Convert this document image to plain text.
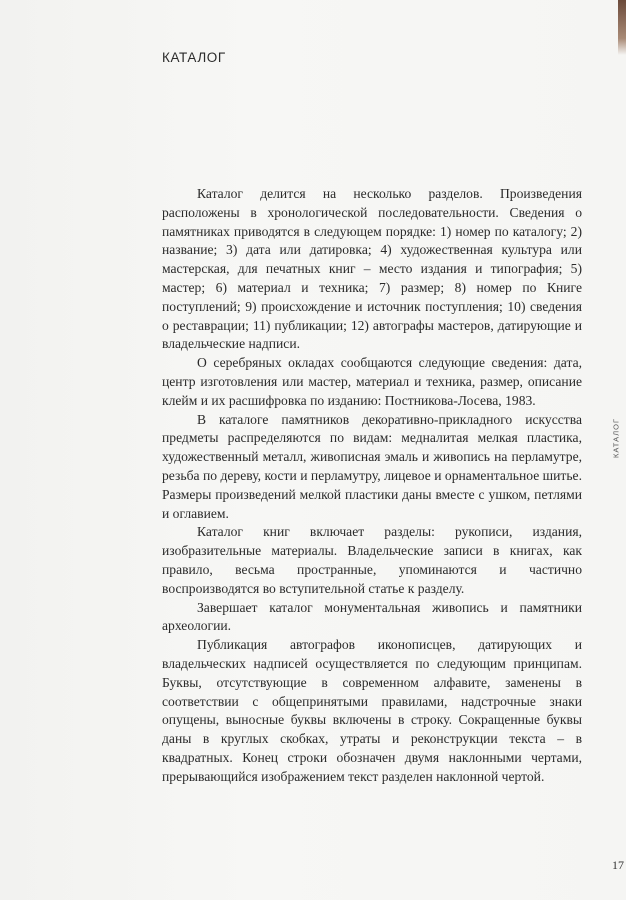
КАТАЛОГ

Каталог делится на несколько разделов. Произведения расположены в хронологической последовательности. Сведения о памятниках приводятся в следующем порядке: 1) номер по каталогу; 2) название; 3) дата или датировка; 4) художественная культура или мастерская, для печатных книг – место издания и типография; 5) мастер; 6) материал и техника; 7) размер; 8) номер по Книге поступлений; 9) происхождение и источник поступления; 10) сведения о реставрации; 11) публикации; 12) автографы мастеров, датирующие и владельческие надписи.

О серебряных окладах сообщаются следующие сведения: дата, центр изготовления или мастер, материал и техника, размер, описание клейм и их расшифровка по изданию: Постникова-Лосева, 1983.

В каталоге памятников декоративно-прикладного искусства предметы распределяются по видам: медналитая мелкая пластика, художественный металл, живописная эмаль и живопись на перламутре, резьба по дереву, кости и перламутру, лицевое и орнаментальное шитье. Размеры произведений мелкой пластики даны вместе с ушком, петлями и оглавием.

Каталог книг включает разделы: рукописи, издания, изобразительные материалы. Владельческие записи в книгах, как правило, весьма пространные, упоминаются и частично воспроизводятся во вступительной статье к разделу.

Завершает каталог монументальная живопись и памятники археологии.

Публикация автографов иконописцев, датирующих и владельческих надписей осуществляется по следующим принципам. Буквы, отсутствующие в современном алфавите, заменены в соответствии с общепринятыми правилами, надстрочные знаки опущены, выносные буквы включены в строку. Сокращенные буквы даны в круглых скобках, утраты и реконструкции текста – в квадратных. Конец строки обозначен двумя наклонными чертами, прерывающийся изображением текст разделен наклонной чертой.

КАТАЛОГ
17
